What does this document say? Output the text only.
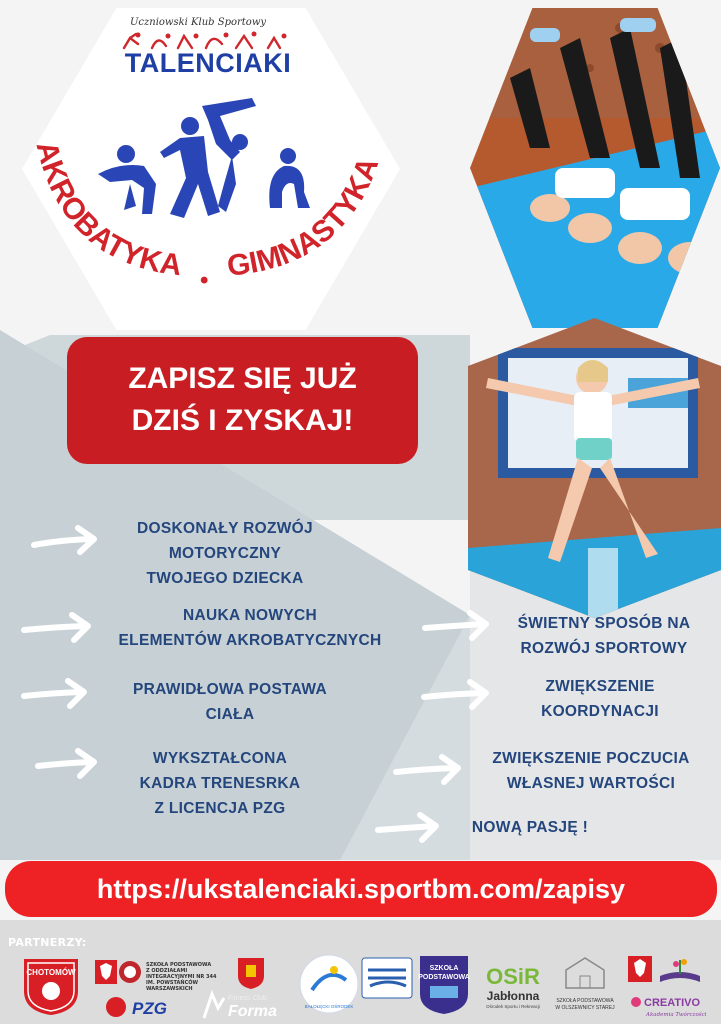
Uczniowski Klub Sportowy
TALENCIAKI
AKROBATYKA • GIMNASTYKA
ZAPISZ SIĘ JUŻ
DZIŚ I ZYSKAJ!
DOSKONAŁY ROZWÓJ
MOTORYCZNY
TWOJEGO DZIECKA
NAUKA NOWYCH
ELEMENTÓW AKROBATYCZNYCH
PRAWIDŁOWA POSTAWA
CIAŁA
WYKSZTAŁCONA
KADRA TRENESRKA
Z LICENCJA PZG
ŚWIETNY SPOSÓB NA
ROZWÓJ SPORTOWY
ZWIĘKSZENIE
KOORDYNACJI
ZWIĘKSZENIE POCZUCIA
WŁASNEJ WARTOŚCI
NOWĄ PASJĘ !
https://ukstalenciaki.sportbm.com/zapisy
PARTNERZY:
CHOTOMÓW
SZKOŁA PODSTAWOWA
Z ODDZIAŁAMI INTEGRACYJNYMI NR 344
IM. POWSTAŃCÓW WARSZAWSKICH
PZG
Fitness Club
Forma	BAŁOŁĘCKI OŚRODEK
SZKOŁA
PODSTAWOWA OSiR
Jabłonna
Ośrodek Sportu i Rekreacji
SZKOŁA PODSTAWOWA
W OLSZEWNICY STAREJ	CREATIVO
Akademia Twórczości
